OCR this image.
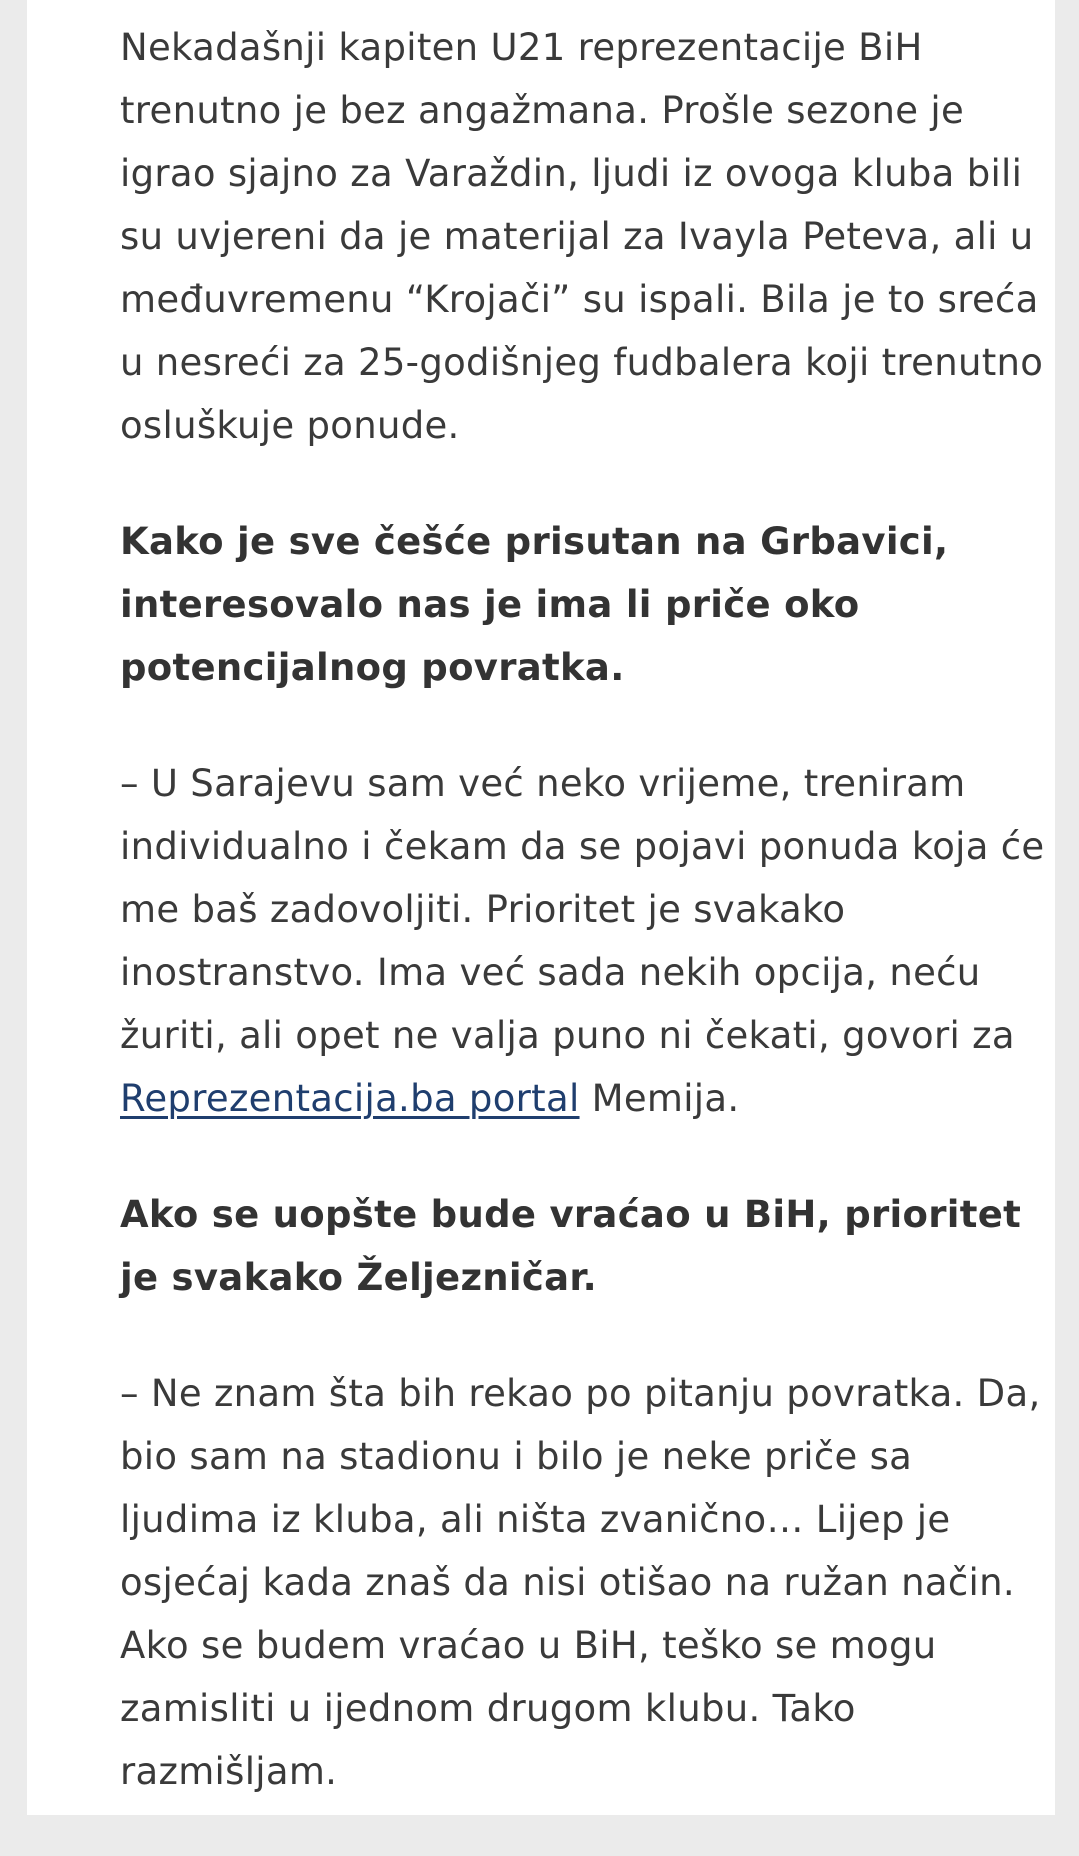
Nekadašnji kapiten U21 reprezentacije BiH trenutno je bez angažmana. Prošle sezone je igrao sjajno za Varaždin, ljudi iz ovoga kluba bili su uvjereni da je materijal za Ivayla Peteva, ali u međuvremenu “Krojači” su ispali. Bila je to sreća u nesreći za 25-godišnjeg fudbalera koji trenutno osluškuje ponude.

Kako je sve češće prisutan na Grbavici, interesovalo nas je ima li priče oko potencijalnog povratka.

– U Sarajevu sam već neko vrijeme, treniram individualno i čekam da se pojavi ponuda koja će me baš zadovoljiti. Prioritet je svakako inostranstvo. Ima već sada nekih opcija, neću žuriti, ali opet ne valja puno ni čekati, govori za Reprezentacija.ba portal Memija.

Ako se uopšte bude vraćao u BiH, prioritet je svakako Željezničar.

– Ne znam šta bih rekao po pitanju povratka. Da, bio sam na stadionu i bilo je neke priče sa ljudima iz kluba, ali ništa zvanično… Lijep je osjećaj kada znaš da nisi otišao na ružan način. Ako se budem vraćao u BiH, teško se mogu zamisliti u ijednom drugom klubu. Tako razmišljam.
